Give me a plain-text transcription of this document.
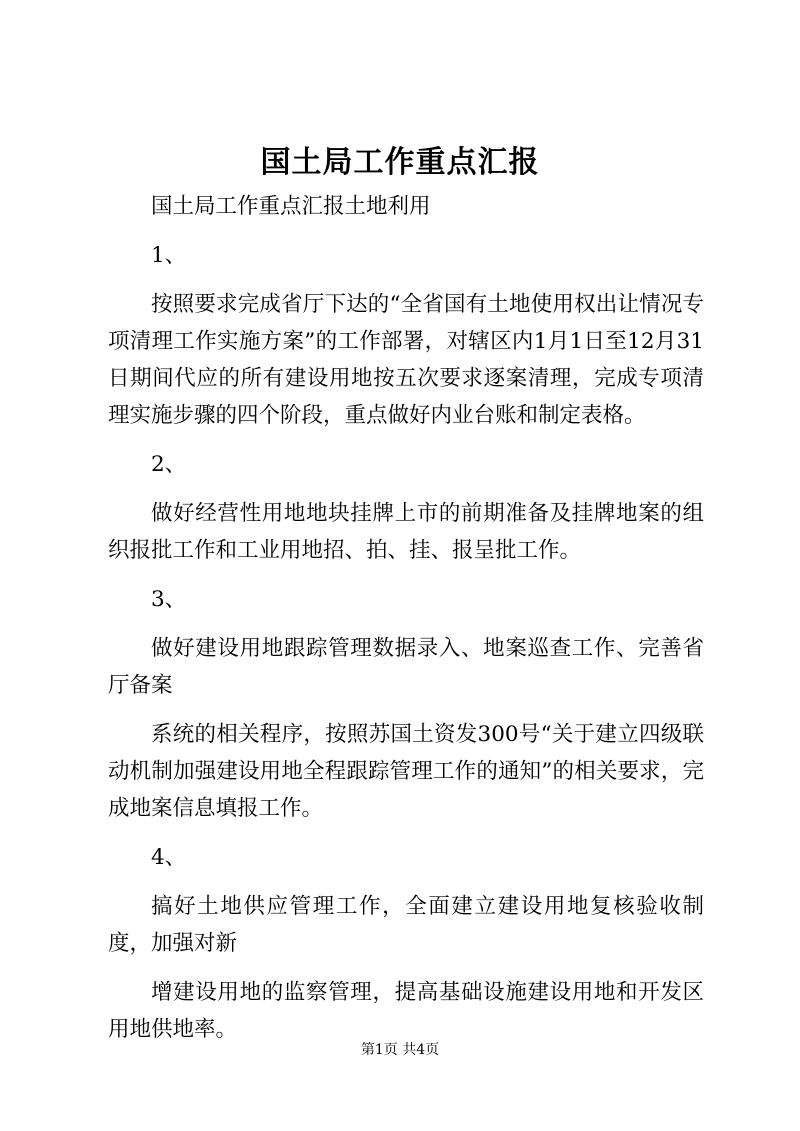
国土局工作重点汇报

国土局工作重点汇报土地利用

1、

按照要求完成省厅下达的“全省国有土地使用权出让情况专项清理工作实施方案”的工作部署，对辖区内1月1日至12月31日期间代应的所有建设用地按五次要求逐案清理，完成专项清理实施步骤的四个阶段，重点做好内业台账和制定表格。

2、

做好经营性用地地块挂牌上市的前期准备及挂牌地案的组织报批工作和工业用地招、拍、挂、报呈批工作。

3、

做好建设用地跟踪管理数据录入、地案巡查工作、完善省厅备案

系统的相关程序，按照苏国土资发300号“关于建立四级联动机制加强建设用地全程跟踪管理工作的通知”的相关要求，完成地案信息填报工作。

4、

搞好土地供应管理工作，全面建立建设用地复核验收制度，加强对新

增建设用地的监察管理，提高基础设施建设用地和开发区用地供地率。

第1页 共4页
